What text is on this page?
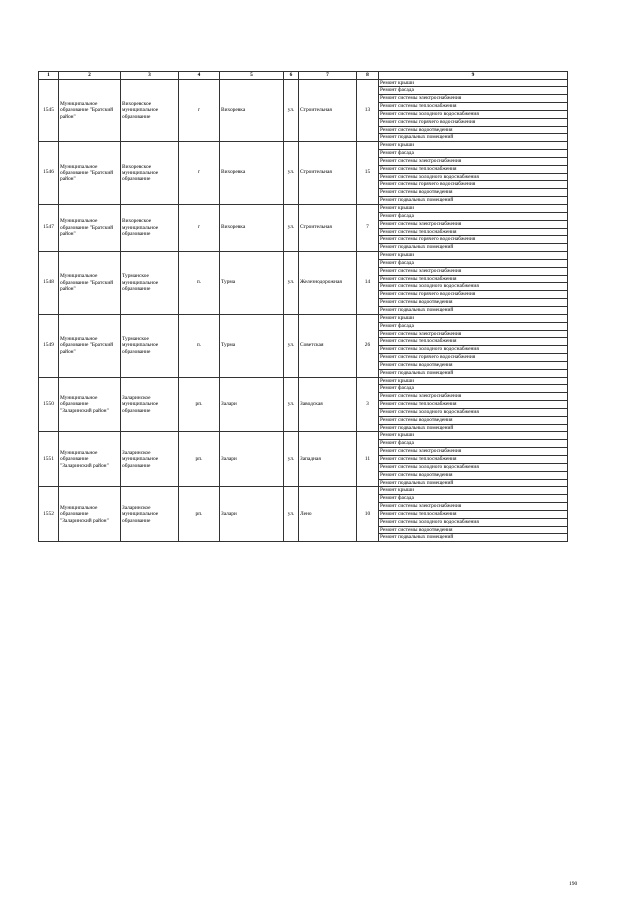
1	2	3	4	5	6	7	8	9
1545	Муниципальное образование "Братский район"	Вихоревское муниципальное образование	г	Вихоревка	ул.	Строительная	13	Ремонт крыши
								Ремонт фасада
								Ремонт системы электроснабжения
								Ремонт системы теплоснабжения
								Ремонт системы холодного водоснабжения
								Ремонт системы горячего водоснабжения
								Ремонт системы водоотведения
								Ремонт подвальных помещений
1546	Муниципальное образование "Братский район"	Вихоревское муниципальное образование	г	Вихоревка	ул.	Строительная	15	Ремонт крыши
								Ремонт фасада
								Ремонт системы электроснабжения
								Ремонт системы теплоснабжения
								Ремонт системы холодного водоснабжения
								Ремонт системы горячего водоснабжения
								Ремонт системы водоотведения
								Ремонт подвальных помещений
1547	Муниципальное образование "Братский район"	Вихоревское муниципальное образование	г	Вихоревка	ул.	Строительная	7	Ремонт крыши
								Ремонт фасада
								Ремонт системы электроснабжения
								Ремонт системы теплоснабжения
								Ремонт системы горячего водоснабжения
								Ремонт подвальных помещений
1548	Муниципальное образование "Братский район"	Турманское муниципальное образование	п.	Турма	ул.	Железнодорожная	14	Ремонт крыши
								Ремонт фасада
								Ремонт системы электроснабжения
								Ремонт системы теплоснабжения
								Ремонт системы холодного водоснабжения
								Ремонт системы горячего водоснабжения
								Ремонт системы водоотведения
								Ремонт подвальных помещений
1549	Муниципальное образование "Братский район"	Турманское муниципальное образование	п.	Турма	ул.	Советская	26	Ремонт крыши
								Ремонт фасада
								Ремонт системы электроснабжения
								Ремонт системы теплоснабжения
								Ремонт системы холодного водоснабжения
								Ремонт системы горячего водоснабжения
								Ремонт системы водоотведения
								Ремонт подвальных помещений
1550	Муниципальное образование "Заларинский район"	Заларинское муниципальное образование	рп.	Залари	ул.	Заводская	3	Ремонт крыши
								Ремонт фасада
								Ремонт системы электроснабжения
								Ремонт системы теплоснабжения
								Ремонт системы холодного водоснабжения
								Ремонт системы водоотведения
								Ремонт подвальных помещений
1551	Муниципальное образование "Заларинский район"	Заларинское муниципальное образование	рп.	Залари	ул.	Западная	11	Ремонт крыши
								Ремонт фасада
								Ремонт системы электроснабжения
								Ремонт системы теплоснабжения
								Ремонт системы холодного водоснабжения
								Ремонт системы водоотведения
								Ремонт подвальных помещений
1552	Муниципальное образование "Заларинский район"	Заларинское муниципальное образование	рп.	Залари	ул.	Лено	10	Ремонт крыши
								Ремонт фасада
								Ремонт системы электроснабжения
								Ремонт системы теплоснабжения
								Ремонт системы холодного водоснабжения
								Ремонт системы водоотведения
								Ремонт подвальных помещений
190
